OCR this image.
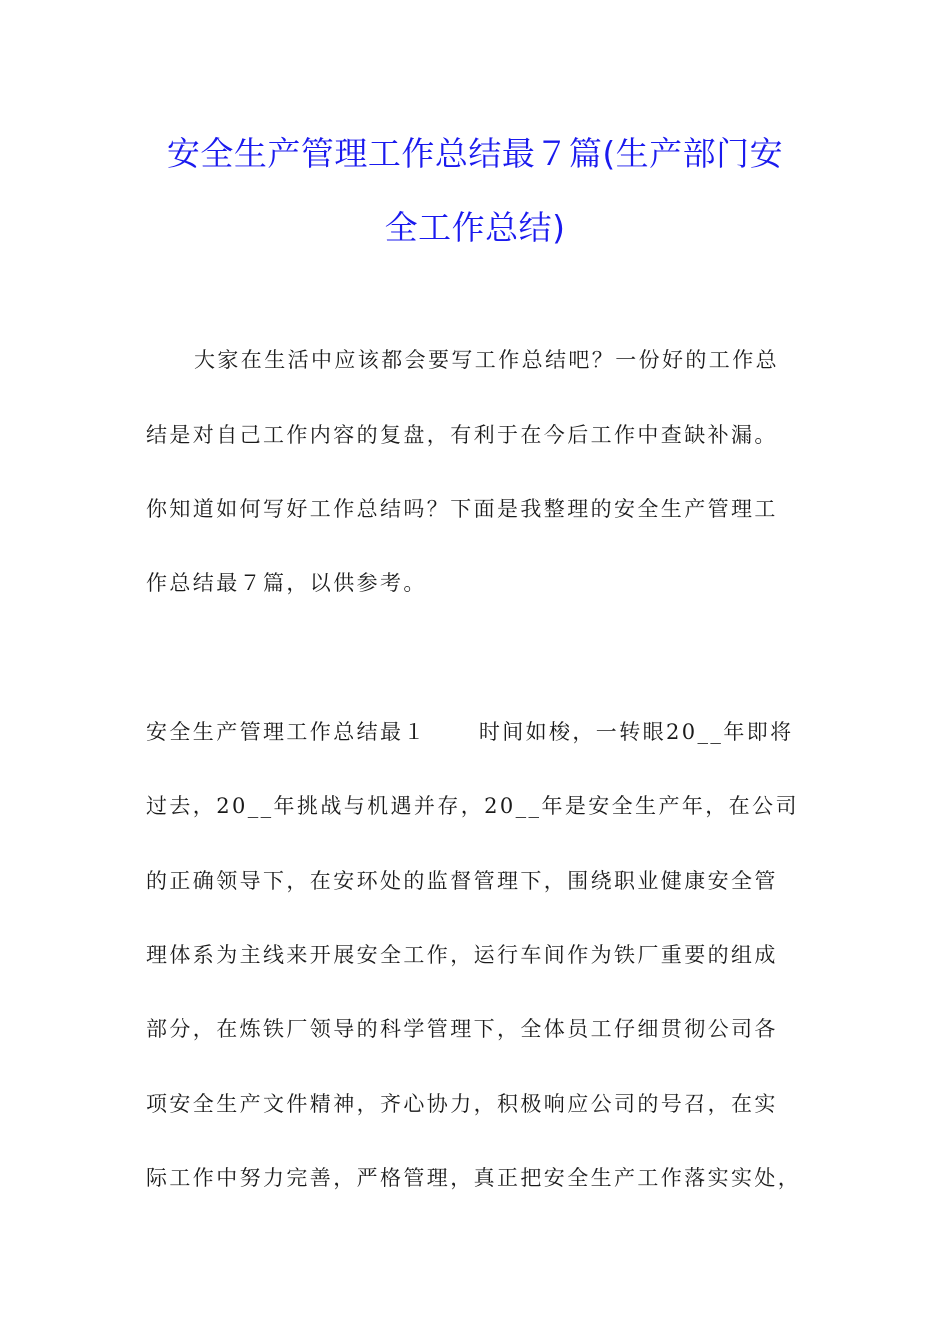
安全生产管理工作总结最７篇(生产部门安
全工作总结)
大家在生活中应该都会要写工作总结吧？一份好的工作总
结是对自己工作内容的复盘，有利于在今后工作中查缺补漏。
你知道如何写好工作总结吗？下面是我整理的安全生产管理工
作总结最７篇，以供参考。
安全生产管理工作总结最１ 时间如梭，一转眼20__年即将
过去，20__年挑战与机遇并存，20__年是安全生产年，在公司
的正确领导下，在安环处的监督管理下，围绕职业健康安全管
理体系为主线来开展安全工作，运行车间作为铁厂重要的组成
部分，在炼铁厂领导的科学管理下，全体员工仔细贯彻公司各
项安全生产文件精神，齐心协力，积极响应公司的号召，在实
际工作中努力完善，严格管理，真正把安全生产工作落实实处，
